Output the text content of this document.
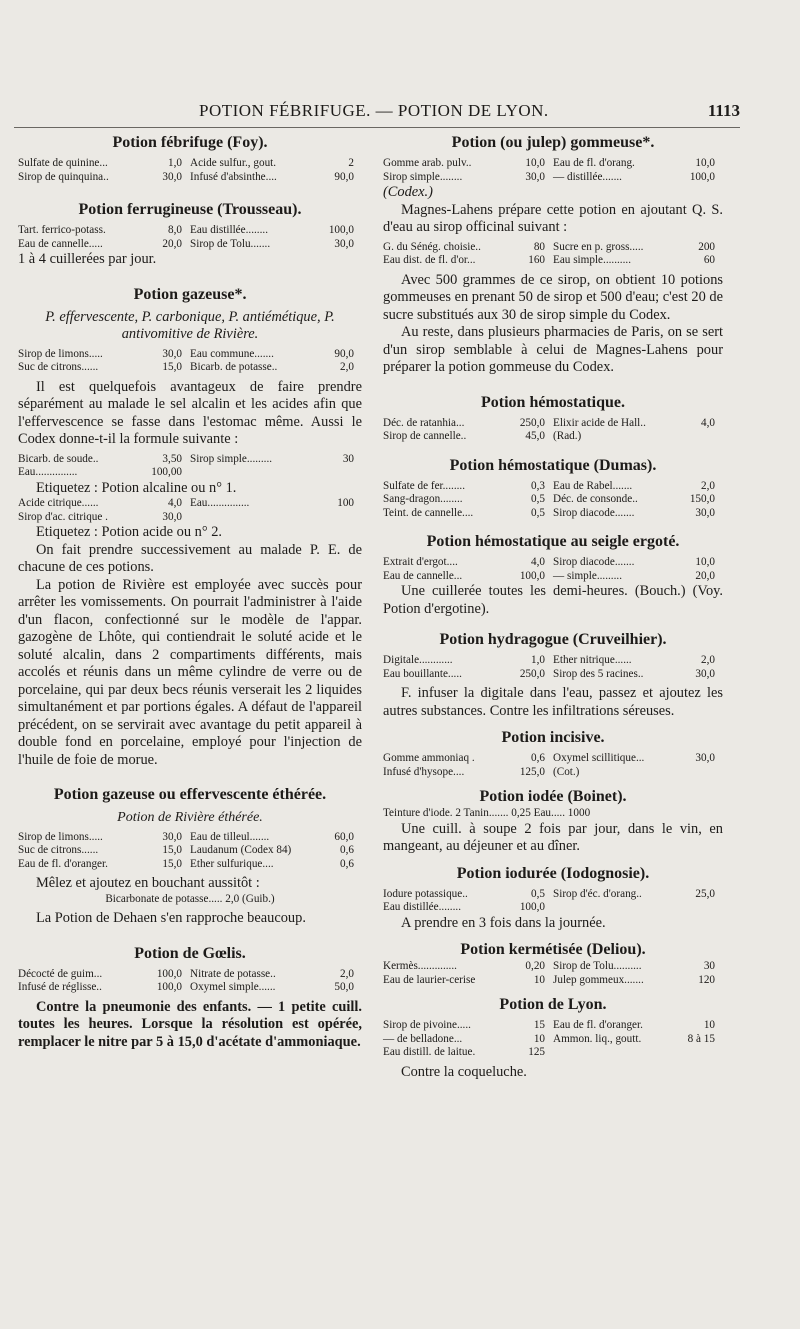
POTION FÉBRIFUGE. — POTION DE LYON.	1113
Potion fébrifuge (Foy).
Sulfate de quinine...	1,0 Acide sulfur., gout.	2
Sirop de quinquina..	30,0 Infusé d'absinthe....	90,0
Potion ferrugineuse (Trousseau).
Tart. ferrico-potass.	8,0 Eau distillée........	100,0
Eau de cannelle.....	20,0 Sirop de Tolu.......	30,0

1 à 4 cuillerées par jour.

Potion gazeuse*.

P. effervescente, P. carbonique, P. antiémétique, P. antivomitive de Rivière.

Sirop de limons.....	30,0 Eau commune.......	90,0
Suc de citrons......	15,0 Bicarb. de potasse..	2,0

Il est quelquefois avantageux de faire prendre séparément au malade le sel alcalin et les acides afin que l'effervescence se fasse dans l'estomac même. Aussi le Codex donne-t-il la formule suivante :

Bicarb. de soude..	3,50 Sirop simple.........	30
Eau...............	100,00

Etiquetez : Potion alcaline ou n° 1.

Acide citrique......	4,0 Eau...............	100
Sirop d'ac. citrique .	30,0

Etiquetez : Potion acide ou n° 2.

On fait prendre successivement au malade P. E. de chacune de ces potions.

La potion de Rivière est employée avec succès pour arrêter les vomissements. On pourrait l'administrer à l'aide d'un flacon, confectionné sur le modèle de l'appar. gazogène de Lhôte, qui contiendrait le soluté acide et le soluté alcalin, dans 2 compartiments différents, mais accolés et réunis dans un même cylindre de verre ou de porcelaine, qui par deux becs réunis verserait les 2 liquides simultanément et par portions égales. A défaut de l'appareil précédent, on se servirait avec avantage du petit appareil à double fond en porcelaine, employé pour l'injection de l'huile de foie de morue.

Potion gazeuse ou effervescente éthérée.

Potion de Rivière éthérée.

Sirop de limons.....	30,0 Eau de tilleul.......	60,0
Suc de citrons......	15,0 Laudanum (Codex 84)	0,6
Eau de fl. d'oranger.	15,0 Ether sulfurique....	0,6

Mêlez et ajoutez en bouchant aussitôt :

Bicarbonate de potasse..... 2,0 (Guib.)

La Potion de Dehaen s'en rapproche beaucoup.

Potion de Gœlis.
Décocté de guim...	100,0 Nitrate de potasse..	2,0
Infusé de réglisse..	100,0 Oxymel simple......	50,0

Contre la pneumonie des enfants. — 1 petite cuill. toutes les heures. Lorsque la résolution est opérée, remplacer le nitre par 5 à 15,0 d'acétate d'ammoniaque.

Potion (ou julep) gommeuse*.
Gomme arab. pulv..	10,0 Eau de fl. d'orang.	10,0
Sirop simple........	30,0 — distillée.......	100,0

(Codex.)

Magnes-Lahens prépare cette potion en ajoutant Q. S. d'eau au sirop officinal suivant :

G. du Sénég. choisie..	80 Sucre en p. gross.....	200
Eau dist. de fl. d'or...	160 Eau simple..........	60

Avec 500 grammes de ce sirop, on obtient 10 potions gommeuses en prenant 50 de sirop et 500 d'eau; c'est 20 de sucre substitués aux 30 de sirop simple du Codex.

Au reste, dans plusieurs pharmacies de Paris, on se sert d'un sirop semblable à celui de Magnes-Lahens pour préparer la potion gommeuse du Codex.

Potion hémostatique.
Déc. de ratanhia...	250,0 Elixir acide de Hall..	4,0
Sirop de cannelle..	45,0 (Rad.)
Potion hémostatique (Dumas).
Sulfate de fer........	0,3 Eau de Rabel.......	2,0
Sang-dragon........	0,5 Déc. de consonde..	150,0
Teint. de cannelle....	0,5 Sirop diacode.......	30,0
Potion hémostatique au seigle ergoté.
Extrait d'ergot....	4,0 Sirop diacode.......	10,0
Eau de cannelle...	100,0 — simple.........	20,0

Une cuillerée toutes les demi-heures. (Bouch.) (Voy. Potion d'ergotine).

Potion hydragogue (Cruveilhier).
Digitale............	1,0 Ether nitrique......	2,0
Eau bouillante.....	250,0 Sirop des 5 racines..	30,0

F. infuser la digitale dans l'eau, passez et ajoutez les autres substances. Contre les infiltrations séreuses.

Potion incisive.
Gomme ammoniaq .	0,6 Oxymel scillitique...	30,0
Infusé d'hysope....	125,0 (Cot.)
Potion iodée (Boinet).

Teinture d'iode. 2 Tanin....... 0,25 Eau..... 1000

Une cuill. à soupe 2 fois par jour, dans le vin, en mangeant, au déjeuner et au dîner.

Potion iodurée (Iodognosie).
Iodure potassique..	0,5 Sirop d'éc. d'orang..	25,0
Eau distillée........	100,0

A prendre en 3 fois dans la journée.

Potion kermétisée (Deliou).
Kermès..............	0,20 Sirop de Tolu..........	30
Eau de laurier-cerise	10 Julep gommeux.......	120
Potion de Lyon.
Sirop de pivoine.....	15 Eau de fl. d'oranger.	10
— de belladone...	10 Ammon. liq., goutt.	8 à 15
Eau distill. de laitue.	125

Contre la coqueluche.
